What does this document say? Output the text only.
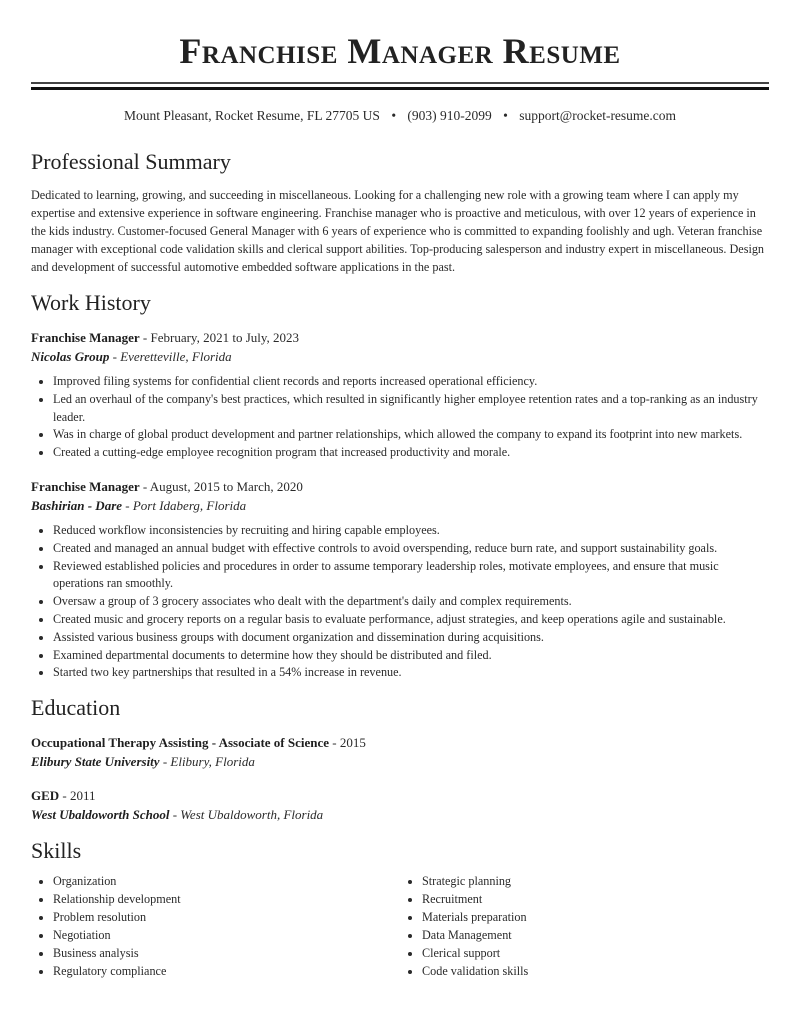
Franchise Manager Resume
Mount Pleasant, Rocket Resume, FL 27705 US • (903) 910-2099 • support@rocket-resume.com
Professional Summary

Dedicated to learning, growing, and succeeding in miscellaneous. Looking for a challenging new role with a growing team where I can apply my expertise and extensive experience in software engineering. Franchise manager who is proactive and meticulous, with over 12 years of experience in the kids industry. Customer-focused General Manager with 6 years of experience who is committed to expanding foolishly and ugh. Veteran franchise manager with exceptional code validation skills and clerical support abilities. Top-producing salesperson and industry expert in miscellaneous. Design and development of successful automotive embedded software applications in the past.

Work History
Franchise Manager - February, 2021 to July, 2023
Nicolas Group - Everetteville, Florida
• Improved filing systems for confidential client records and reports increased operational efficiency.
• Led an overhaul of the company's best practices, which resulted in significantly higher employee retention rates and a top-ranking as an industry leader.
• Was in charge of global product development and partner relationships, which allowed the company to expand its footprint into new markets.
• Created a cutting-edge employee recognition program that increased productivity and morale.
Franchise Manager - August, 2015 to March, 2020
Bashirian - Dare - Port Idaberg, Florida
• Reduced workflow inconsistencies by recruiting and hiring capable employees.
• Created and managed an annual budget with effective controls to avoid overspending, reduce burn rate, and support sustainability goals.
• Reviewed established policies and procedures in order to assume temporary leadership roles, motivate employees, and ensure that music operations ran smoothly.
• Oversaw a group of 3 grocery associates who dealt with the department's daily and complex requirements.
• Created music and grocery reports on a regular basis to evaluate performance, adjust strategies, and keep operations agile and sustainable.
• Assisted various business groups with document organization and dissemination during acquisitions.
• Examined departmental documents to determine how they should be distributed and filed.
• Started two key partnerships that resulted in a 54% increase in revenue.
Education
Occupational Therapy Assisting - Associate of Science - 2015
Elibury State University - Elibury, Florida
GED - 2011
West Ubaldoworth School - West Ubaldoworth, Florida
Skills
• Organization
• Relationship development
• Problem resolution
• Negotiation
• Business analysis
• Regulatory compliance
• Strategic planning
• Recruitment
• Materials preparation
• Data Management
• Clerical support
• Code validation skills
